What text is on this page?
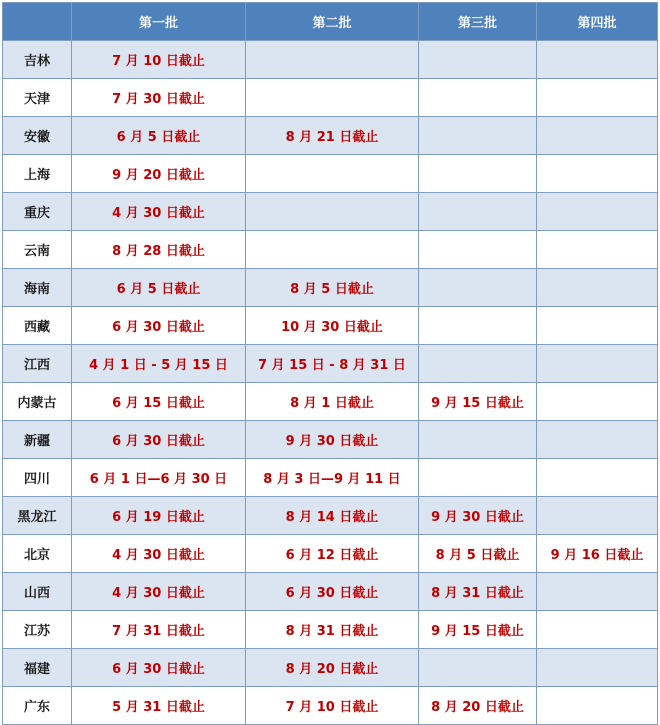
	第一批	第二批	第三批	第四批
吉林	7 月 10 日截止			
天津	7 月 30 日截止			
安徽	6 月 5 日截止	8 月 21 日截止		
上海	9 月 20 日截止			
重庆	4 月 30 日截止			
云南	8 月 28 日截止			
海南	6 月 5 日截止	8 月 5 日截止		
西藏	6 月 30 日截止	10 月 30 日截止		
江西	4 月 1 日 - 5 月 15 日	7 月 15 日 - 8 月 31 日		
内蒙古	6 月 15 日截止	8 月 1 日截止	9 月 15 日截止	
新疆	6 月 30 日截止	9 月 30 日截止		
四川	6 月 1 日—6 月 30 日	8 月 3 日—9 月 11 日		
黑龙江	6 月 19 日截止	8 月 14 日截止	9 月 30 日截止	
北京	4 月 30 日截止	6 月 12 日截止	8 月 5 日截止	9 月 16 日截止
山西	4 月 30 日截止	6 月 30 日截止	8 月 31 日截止	
江苏	7 月 31 日截止	8 月 31 日截止	9 月 15 日截止	
福建	6 月 30 日截止	8 月 20 日截止		
广东	5 月 31 日截止	7 月 10 日截止	8 月 20 日截止	
